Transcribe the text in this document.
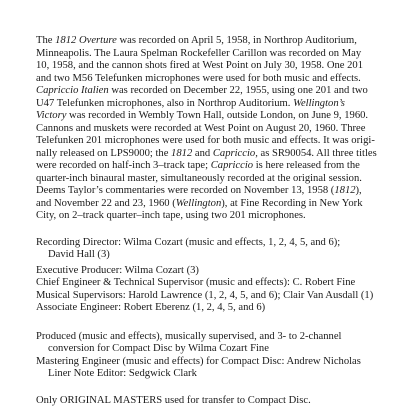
The 1812 Overture was recorded on April 5, 1958, in Northrop Auditorium,
Minneapolis. The Laura Spelman Rockefeller Carillon was recorded on May
10, 1958, and the cannon shots fired at West Point on July 30, 1958. One 201
and two M56 Telefunken microphones were used for both music and effects.
Capriccio Italien was recorded on December 22, 1955, using one 201 and two
U47 Telefunken microphones, also in Northrop Auditorium. Wellington’s
Victory was recorded in Wembly Town Hall, outside London, on June 9, 1960.
Cannons and muskets were recorded at West Point on August 20, 1960. Three
Telefunken 201 microphones were used for both music and effects. It was origi-
nally released on LPS9000; the 1812 and Capriccio, as SR90054. All three titles
were recorded on half-inch 3–track tape; Capriccio is here released from the
quarter-inch binaural master, simultaneously recorded at the original session.
Deems Taylor’s commentaries were recorded on November 13, 1958 (1812),
and November 22 and 23, 1960 (Wellington), at Fine Recording in New York
City, on 2–track quarter–inch tape, using two 201 microphones.
Recording Director: Wilma Cozart (music and effects, 1, 2, 4, 5, and 6);
David Hall (3)
Executive Producer: Wilma Cozart (3)
Chief Engineer & Technical Supervisor (music and effects): C. Robert Fine
Musical Supervisors: Harold Lawrence (1, 2, 4, 5, and 6); Clair Van Ausdall (1)
Associate Engineer: Robert Eberenz (1, 2, 4, 5, and 6)
Produced (music and effects), musically supervised, and 3- to 2-channel
conversion for Compact Disc by Wilma Cozart Fine
Mastering Engineer (music and effects) for Compact Disc: Andrew Nicholas
Liner Note Editor: Sedgwick Clark
Only ORIGINAL MASTERS used for transfer to Compact Disc.
